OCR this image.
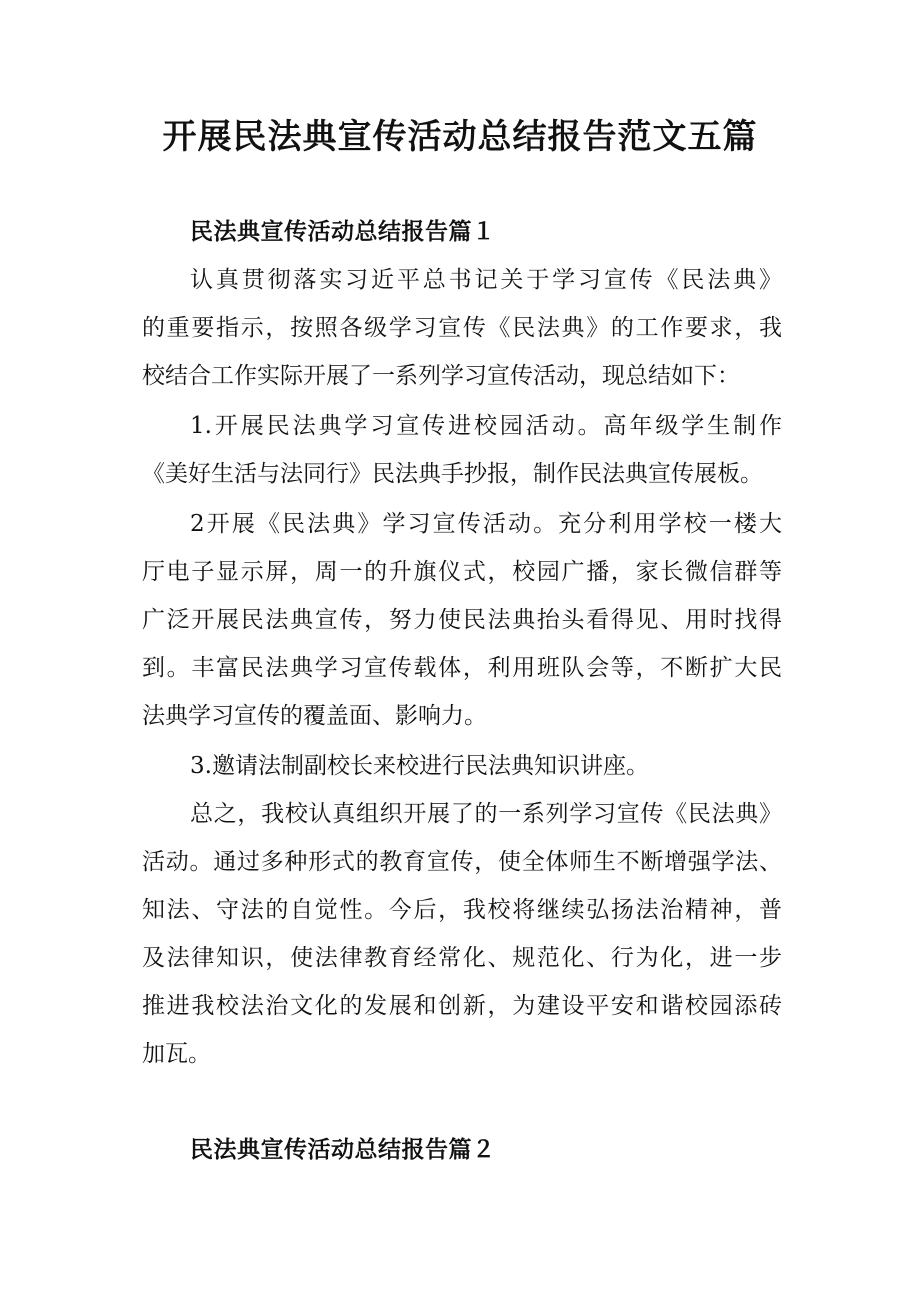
开展民法典宣传活动总结报告范文五篇
民法典宣传活动总结报告篇１
认真贯彻落实习近平总书记关于学习宣传《民法典》
的重要指示，按照各级学习宣传《民法典》的工作要求，我
校结合工作实际开展了一系列学习宣传活动，现总结如下：
1.开展民法典学习宣传进校园活动。高年级学生制作
《美好生活与法同行》民法典手抄报，制作民法典宣传展板。
2开展《民法典》学习宣传活动。充分利用学校一楼大
厅电子显示屏，周一的升旗仪式，校园广播，家长微信群等
广泛开展民法典宣传，努力使民法典抬头看得见、用时找得
到。丰富民法典学习宣传载体，利用班队会等，不断扩大民
法典学习宣传的覆盖面、影响力。
3.邀请法制副校长来校进行民法典知识讲座。
总之，我校认真组织开展了的一系列学习宣传《民法典》
活动。通过多种形式的教育宣传，使全体师生不断增强学法、
知法、守法的自觉性。今后，我校将继续弘扬法治精神，普
及法律知识，使法律教育经常化、规范化、行为化，进一步
推进我校法治文化的发展和创新，为建设平安和谐校园添砖
加瓦。
民法典宣传活动总结报告篇２
